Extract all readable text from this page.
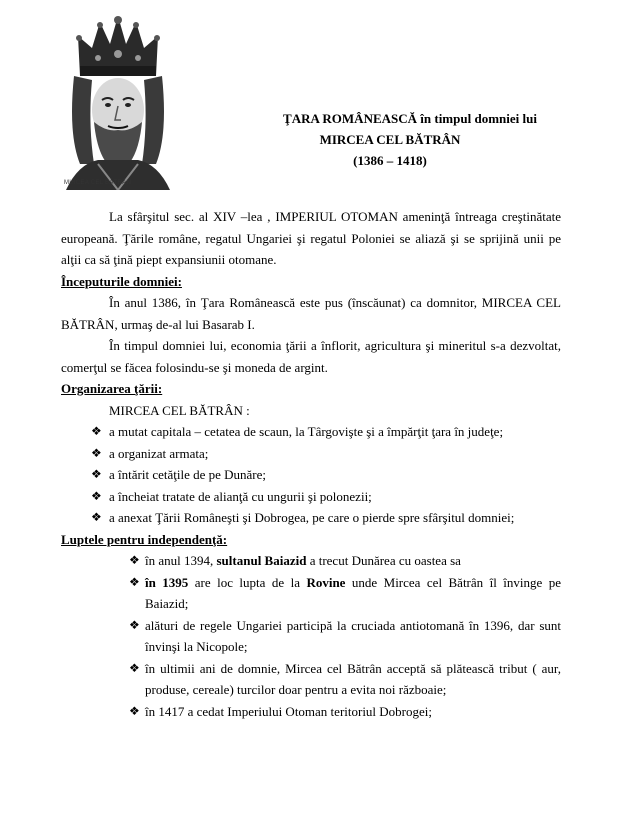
MIRCEA CEL BĂTRÂN
ŢARA ROMÂNEASCĂ în timpul domniei lui
MIRCEA CEL BĂTRÂN
(1386 – 1418)

La sfârşitul sec. al XIV –lea , IMPERIUL OTOMAN ameninţă întreaga creştinătate europeană. Ţările române, regatul Ungariei şi regatul Poloniei se aliază şi se sprijină unii pe alţii ca să ţină piept expansiunii otomane.

Începuturile domniei:

În anul 1386, în Ţara Românească este pus (înscăunat) ca domnitor, MIRCEA CEL BĂTRÂN, urmaş de-al lui Basarab I.

În timpul domniei lui, economia ţării a înflorit, agricultura şi mineritul s-a dezvoltat, comerţul se făcea folosindu-se şi moneda de argint.

Organizarea ţării:

MIRCEA CEL BĂTRÂN :

❖ a mutat capitala – cetatea de scaun, la Târgovişte şi a împărţit ţara în judeţe;
❖ a organizat armata;
❖ a întărit cetăţile de pe Dunăre;
❖ a încheiat tratate de alianţă cu ungurii şi polonezii;
❖ a anexat Ţării Româneşti şi Dobrogea, pe care o pierde spre sfârşitul domniei;

Luptele pentru independenţă:

❖ în anul 1394, sultanul Baiazid a trecut Dunărea cu oastea sa
❖ în 1395 are loc lupta de la Rovine unde Mircea cel Bătrân îl învinge pe Baiazid;
❖ alături de regele Ungariei participă la cruciada antiotomană în 1396, dar sunt învinşi la Nicopole;
❖ în ultimii ani de domnie, Mircea cel Bătrân acceptă să plătească tribut ( aur, produse, cereale) turcilor doar pentru a evita noi războaie;
❖ în 1417 a cedat Imperiului Otoman teritoriul Dobrogei;
